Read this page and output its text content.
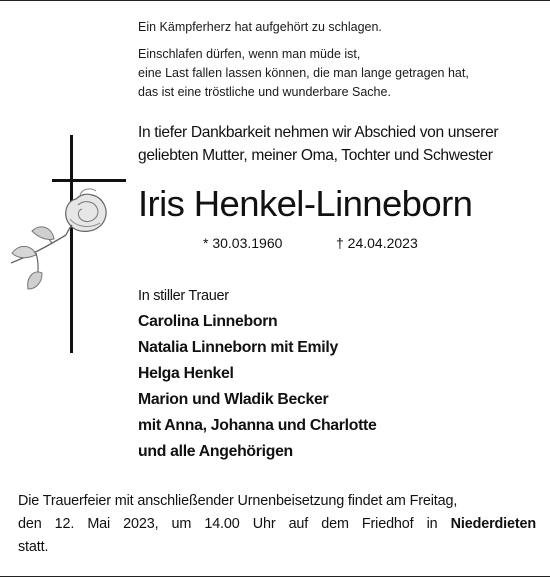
Ein Kämpferherz hat aufgehört zu schlagen.

Einschlafen dürfen, wenn man müde ist,
eine Last fallen lassen können, die man lange getragen hat,
das ist eine tröstliche und wunderbare Sache.

In tiefer Dankbarkeit nehmen wir Abschied von unserer
geliebten Mutter, meiner Oma, Tochter und Schwester
Iris Henkel-Linneborn
* 30.03.1960	† 24.04.2023
In stiller Trauer
Carolina Linneborn
Natalia Linneborn mit Emily
Helga Henkel
Marion und Wladik Becker
mit Anna, Johanna und Charlotte
und alle Angehörigen
Die Trauerfeier mit anschließender Urnenbeisetzung findet am Freitag,
den 12. Mai 2023, um 14.00 Uhr auf dem Friedhof in Niederdieten
statt.
